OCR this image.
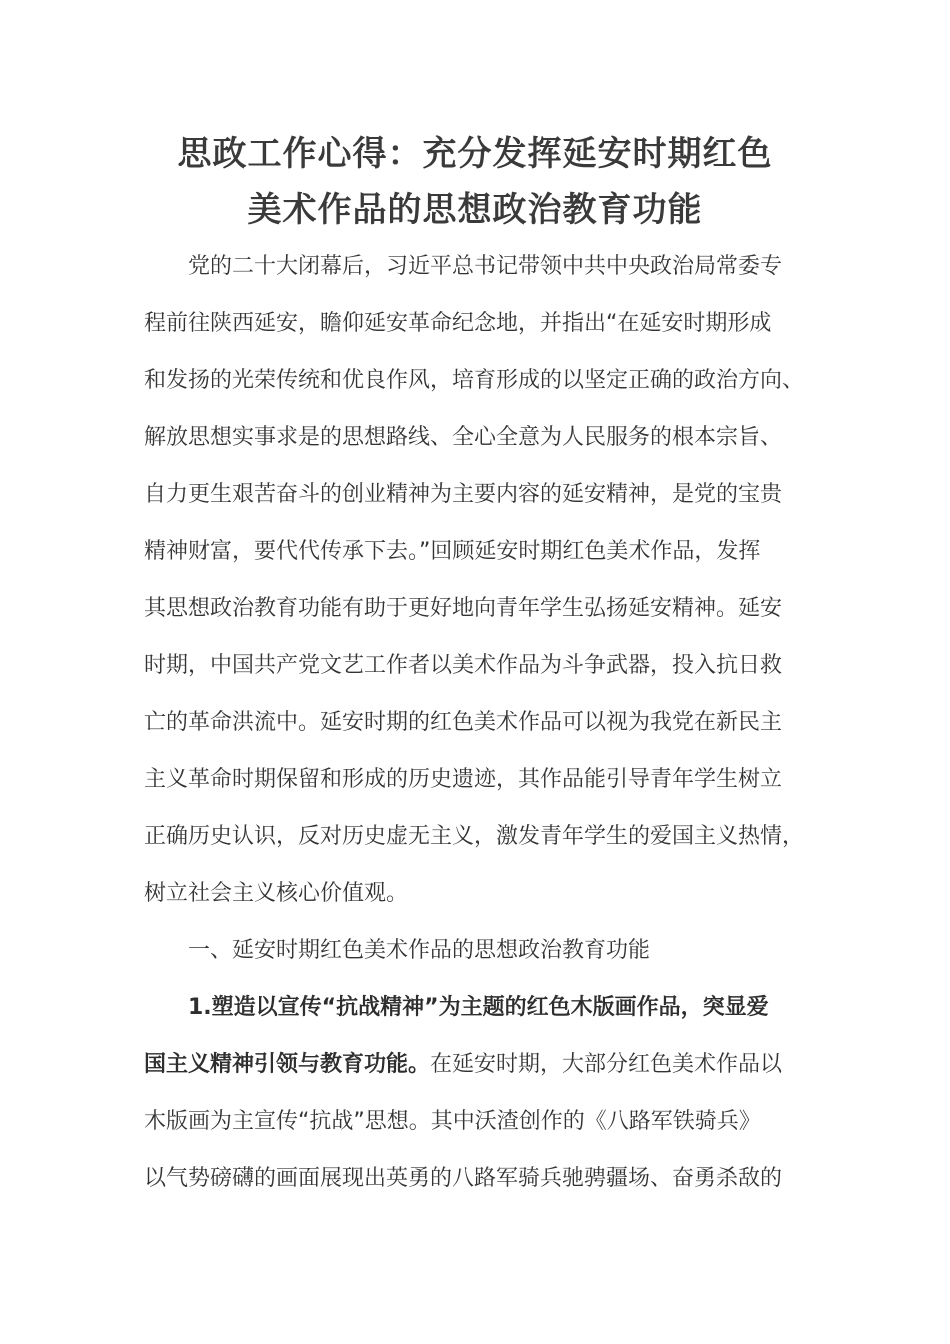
思政工作心得：充分发挥延安时期红色
美术作品的思想政治教育功能
党的二十大闭幕后，习近平总书记带领中共中央政治局常委专
程前往陕西延安，瞻仰延安革命纪念地，并指出“在延安时期形成
和发扬的光荣传统和优良作风，培育形成的以坚定正确的政治方向、
解放思想实事求是的思想路线、全心全意为人民服务的根本宗旨、
自力更生艰苦奋斗的创业精神为主要内容的延安精神，是党的宝贵
精神财富，要代代传承下去。”回顾延安时期红色美术作品，发挥
其思想政治教育功能有助于更好地向青年学生弘扬延安精神。延安
时期，中国共产党文艺工作者以美术作品为斗争武器，投入抗日救
亡的革命洪流中。延安时期的红色美术作品可以视为我党在新民主
主义革命时期保留和形成的历史遗迹，其作品能引导青年学生树立
正确历史认识，反对历史虚无主义，激发青年学生的爱国主义热情，
树立社会主义核心价值观。
一、延安时期红色美术作品的思想政治教育功能
1.塑造以宣传“抗战精神”为主题的红色木版画作品，突显爱
国主义精神引领与教育功能。在延安时期，大部分红色美术作品以
木版画为主宣传“抗战”思想。其中沃渣创作的《八路军铁骑兵》
以气势磅礴的画面展现出英勇的八路军骑兵驰骋疆场、奋勇杀敌的
